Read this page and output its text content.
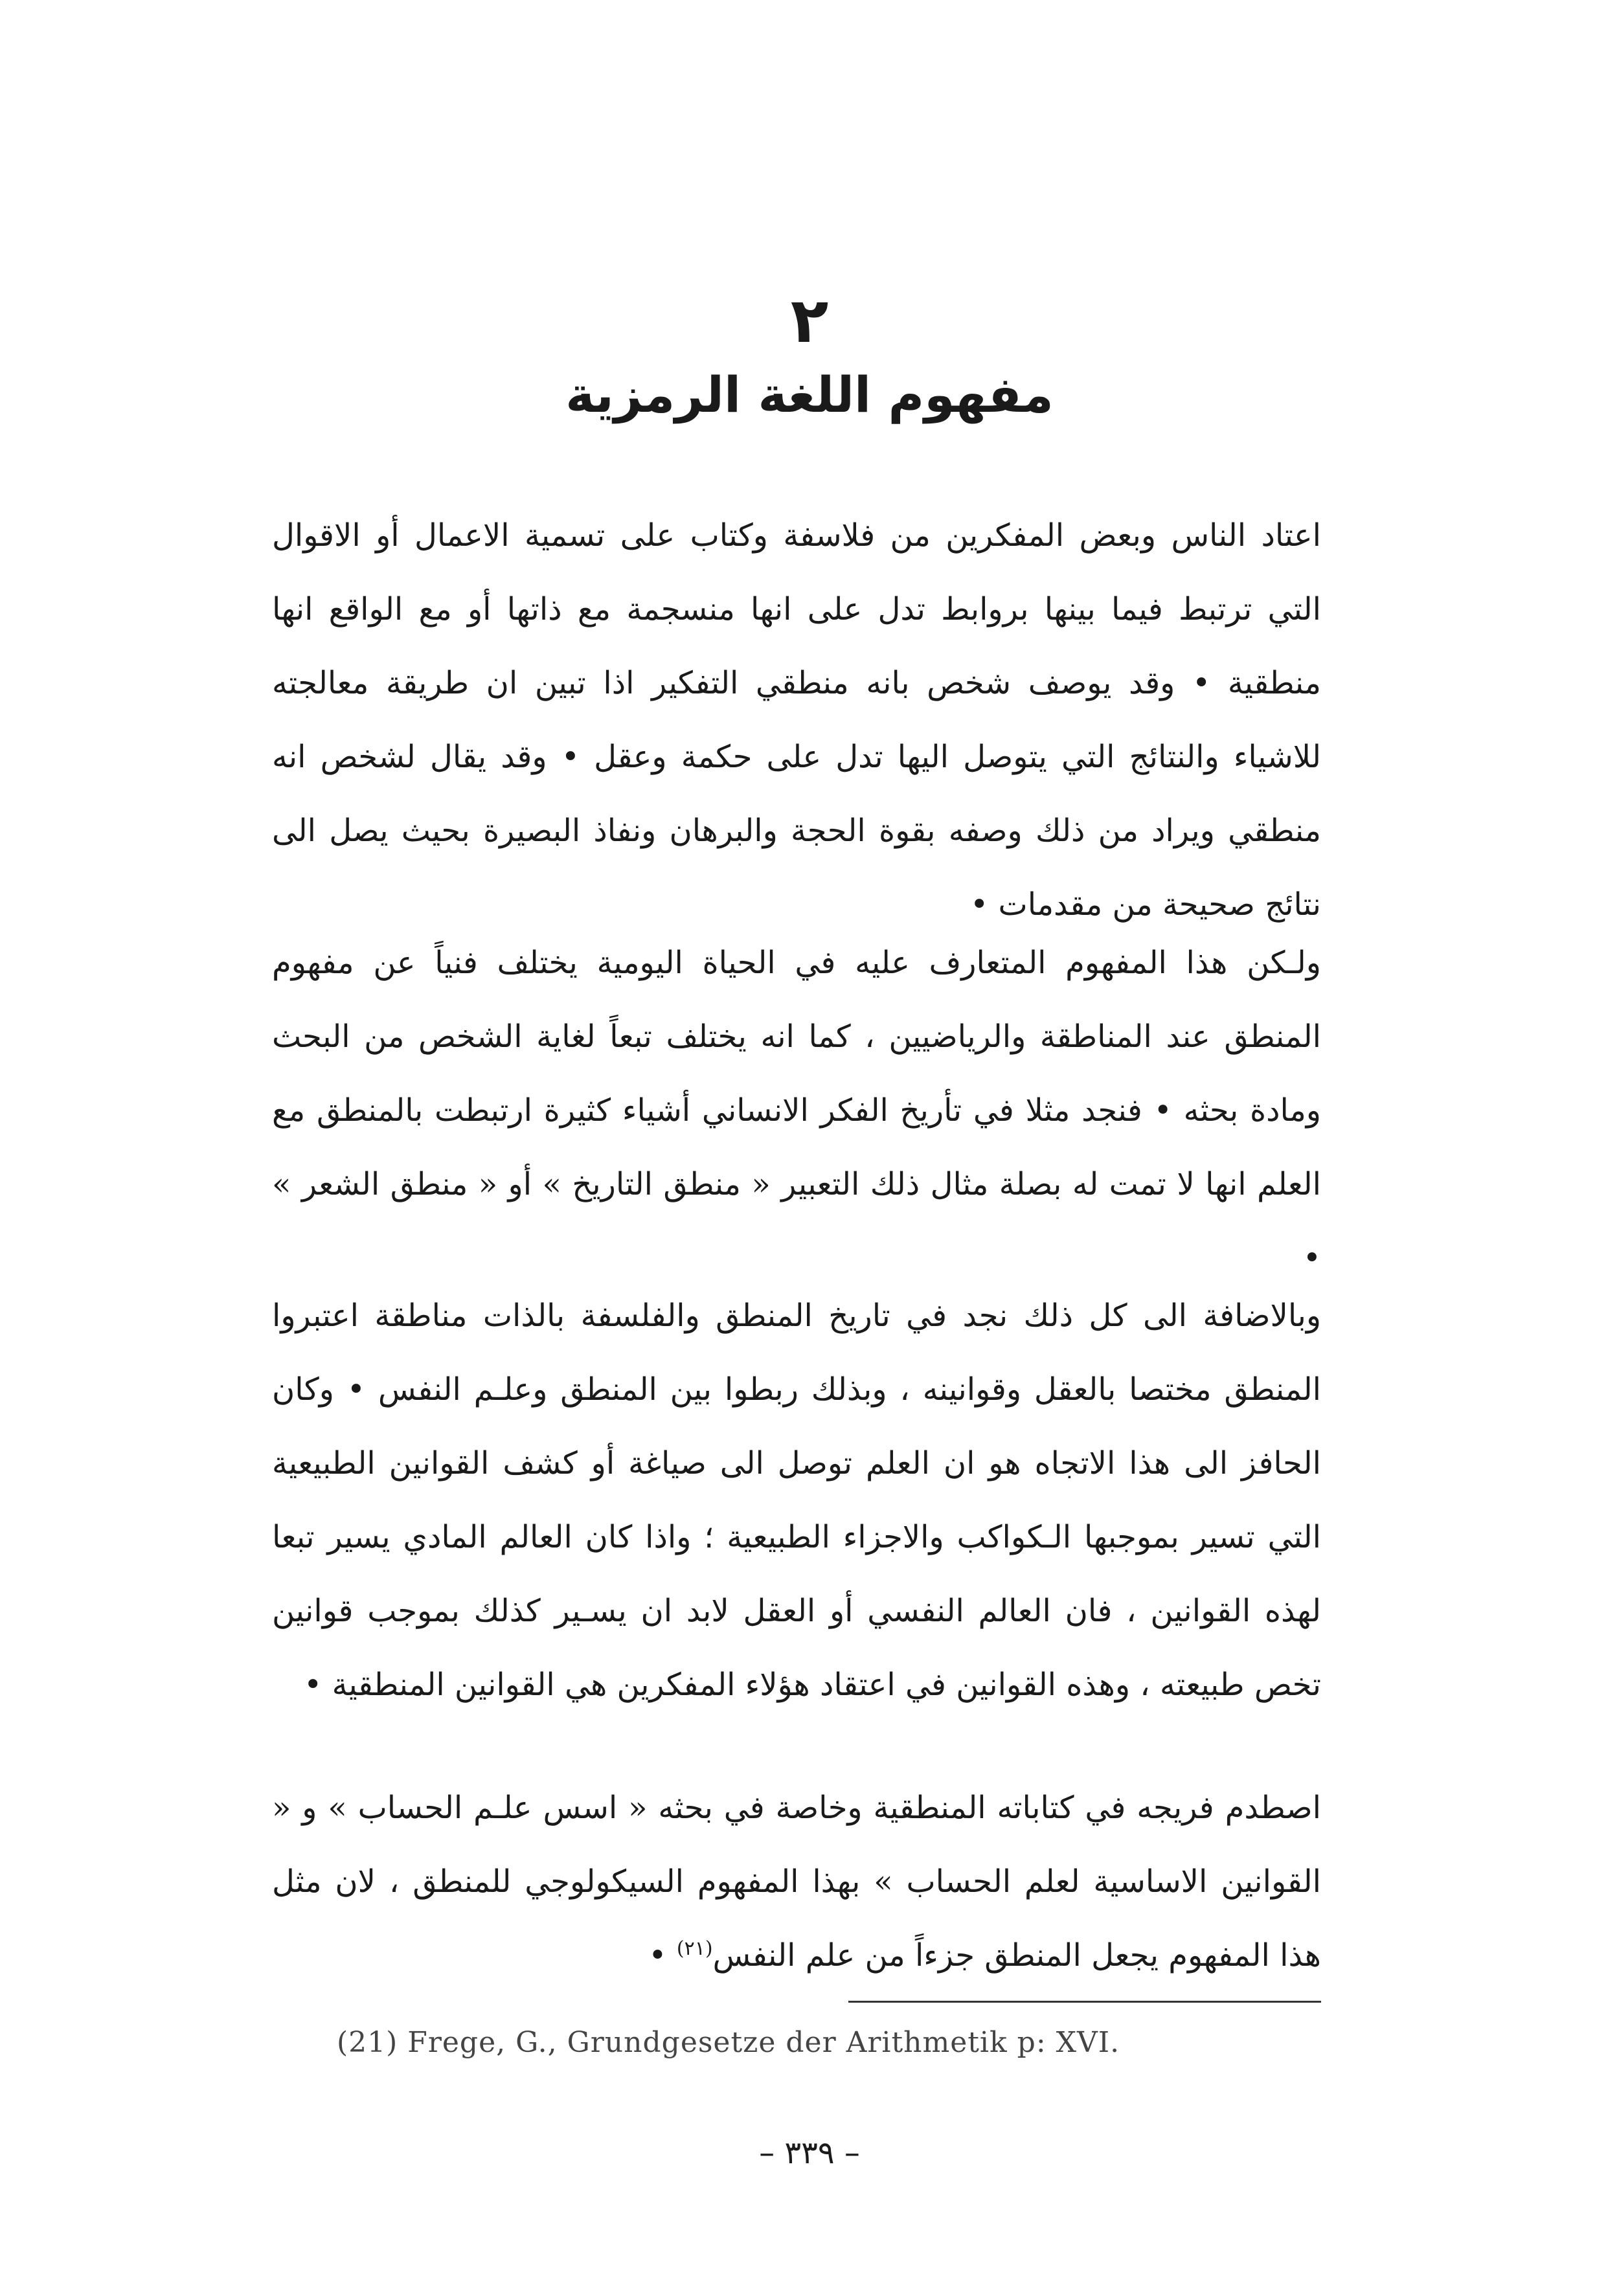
٢
مفهوم اللغة الرمزية

اعتاد الناس وبعض المفكرين من فلاسفة وكتاب على تسمية الاعمال أو الاقوال التي ترتبط فيما بينها بروابط تدل على انها منسجمة مع ذاتها أو مع الواقع انها منطقية • وقد يوصف شخص بانه منطقي التفكير اذا تبين ان طريقة معالجته للاشياء والنتائج التي يتوصل اليها تدل على حكمة وعقل • وقد يقال لشخص انه منطقي ويراد من ذلك وصفه بقوة الحجة والبرهان ونفاذ البصيرة بحيث يصل الى نتائج صحيحة من مقدمات •

ولـكن هذا المفهوم المتعارف عليه في الحياة اليومية يختلف فنياً عن مفهوم المنطق عند المناطقة والرياضيين ، كما انه يختلف تبعاً لغاية الشخص من البحث ومادة بحثه • فنجد مثلا في تأريخ الفكر الانساني أشياء كثيرة ارتبطت بالمنطق مع العلم انها لا تمت له بصلة مثال ذلك التعبير « منطق التاريخ » أو « منطق الشعر » •

وبالاضافة الى كل ذلك نجد في تاريخ المنطق والفلسفة بالذات مناطقة اعتبروا المنطق مختصا بالعقل وقوانينه ، وبذلك ربطوا بين المنطق وعلـم النفس • وكان الحافز الى هذا الاتجاه هو ان العلم توصل الى صياغة أو كشف القوانين الطبيعية التي تسير بموجبها الـكواكب والاجزاء الطبيعية ؛ واذا كان العالم المادي يسير تبعا لهذه القوانين ، فان العالم النفسي أو العقل لابد ان يسـير كذلك بموجب قوانين تخص طبيعته ، وهذه القوانين في اعتقاد هؤلاء المفكرين هي القوانين المنطقية •

اصطدم فريجه في كتاباته المنطقية وخاصة في بحثه « اسس علـم الحساب » و « القوانين الاساسية لعلم الحساب » بهذا المفهوم السيكولوجي للمنطق ، لان مثل هذا المفهوم يجعل المنطق جزءاً من علم النفس$^{(٢١)}$ •

(21) Frege, G., Grundgesetze der Arithmetik p: XVI.
– ٣٣٩ –
